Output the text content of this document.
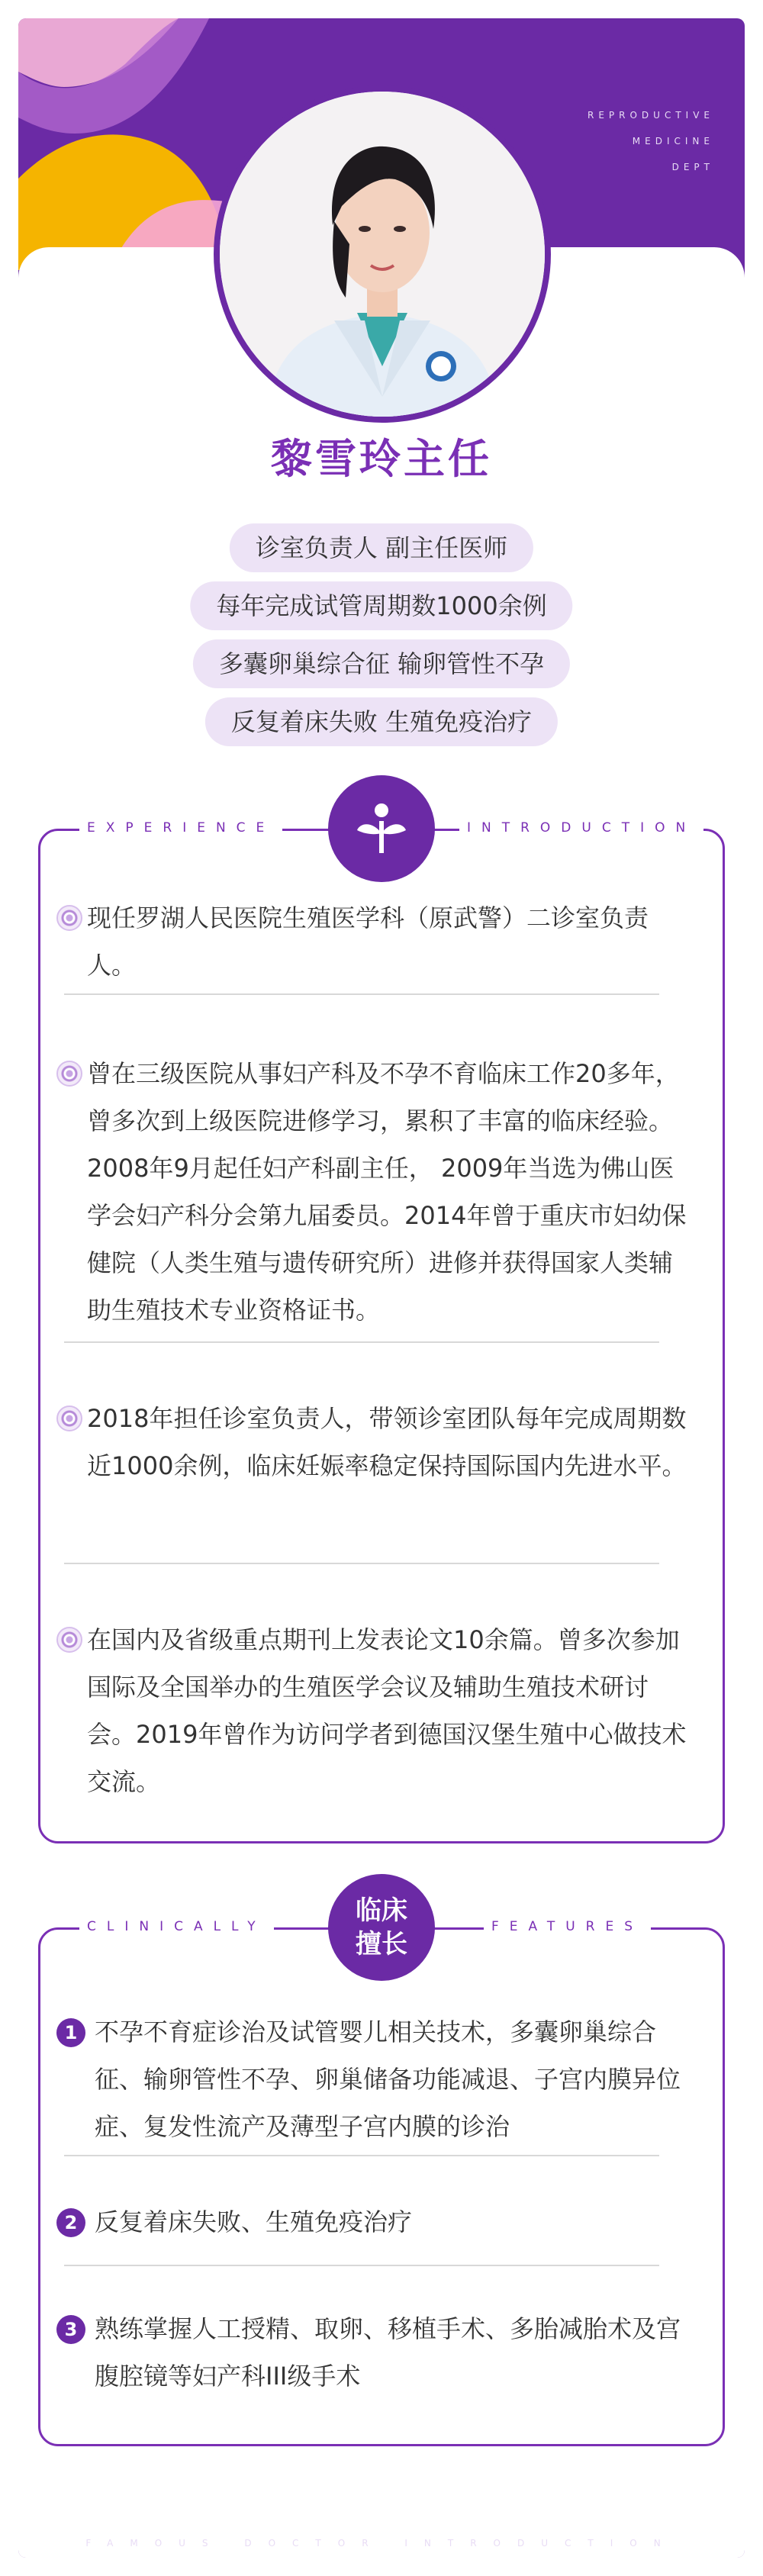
REPRODUCTIVE
MEDICINE
DEPT
黎雪玲主任
诊室负责人 副主任医师
每年完成试管周期数1000余例
多囊卵巢综合征 输卵管性不孕
反复着床失败 生殖免疫治疗
EXPERIENCE	INTRODUCTION
现任罗湖人民医院生殖医学科（原武警）二诊室负责人。
曾在三级医院从事妇产科及不孕不育临床工作20多年，曾多次到上级医院进修学习，累积了丰富的临床经验。2008年9月起任妇产科副主任， 2009年当选为佛山医学会妇产科分会第九届委员。2014年曾于重庆市妇幼保健院（人类生殖与遗传研究所）进修并获得国家人类辅助生殖技术专业资格证书。
2018年担任诊室负责人，带领诊室团队每年完成周期数近1000余例，临床妊娠率稳定保持国际国内先进水平。
在国内及省级重点期刊上发表论文10余篇。曾多次参加国际及全国举办的生殖医学会议及辅助生殖技术研讨会。2019年曾作为访问学者到德国汉堡生殖中心做技术交流。
CLINICALLY	FEATURES
临床
擅长
1 不孕不育症诊治及试管婴儿相关技术，多囊卵巢综合征、输卵管性不孕、卵巢储备功能减退、子宫内膜异位症、复发性流产及薄型子宫内膜的诊治
2 反复着床失败、生殖免疫治疗
3 熟练掌握人工授精、取卵、移植手术、多胎减胎术及宫腹腔镜等妇产科III级手术
FAMOUS DOCTOR INTRODUCTION
